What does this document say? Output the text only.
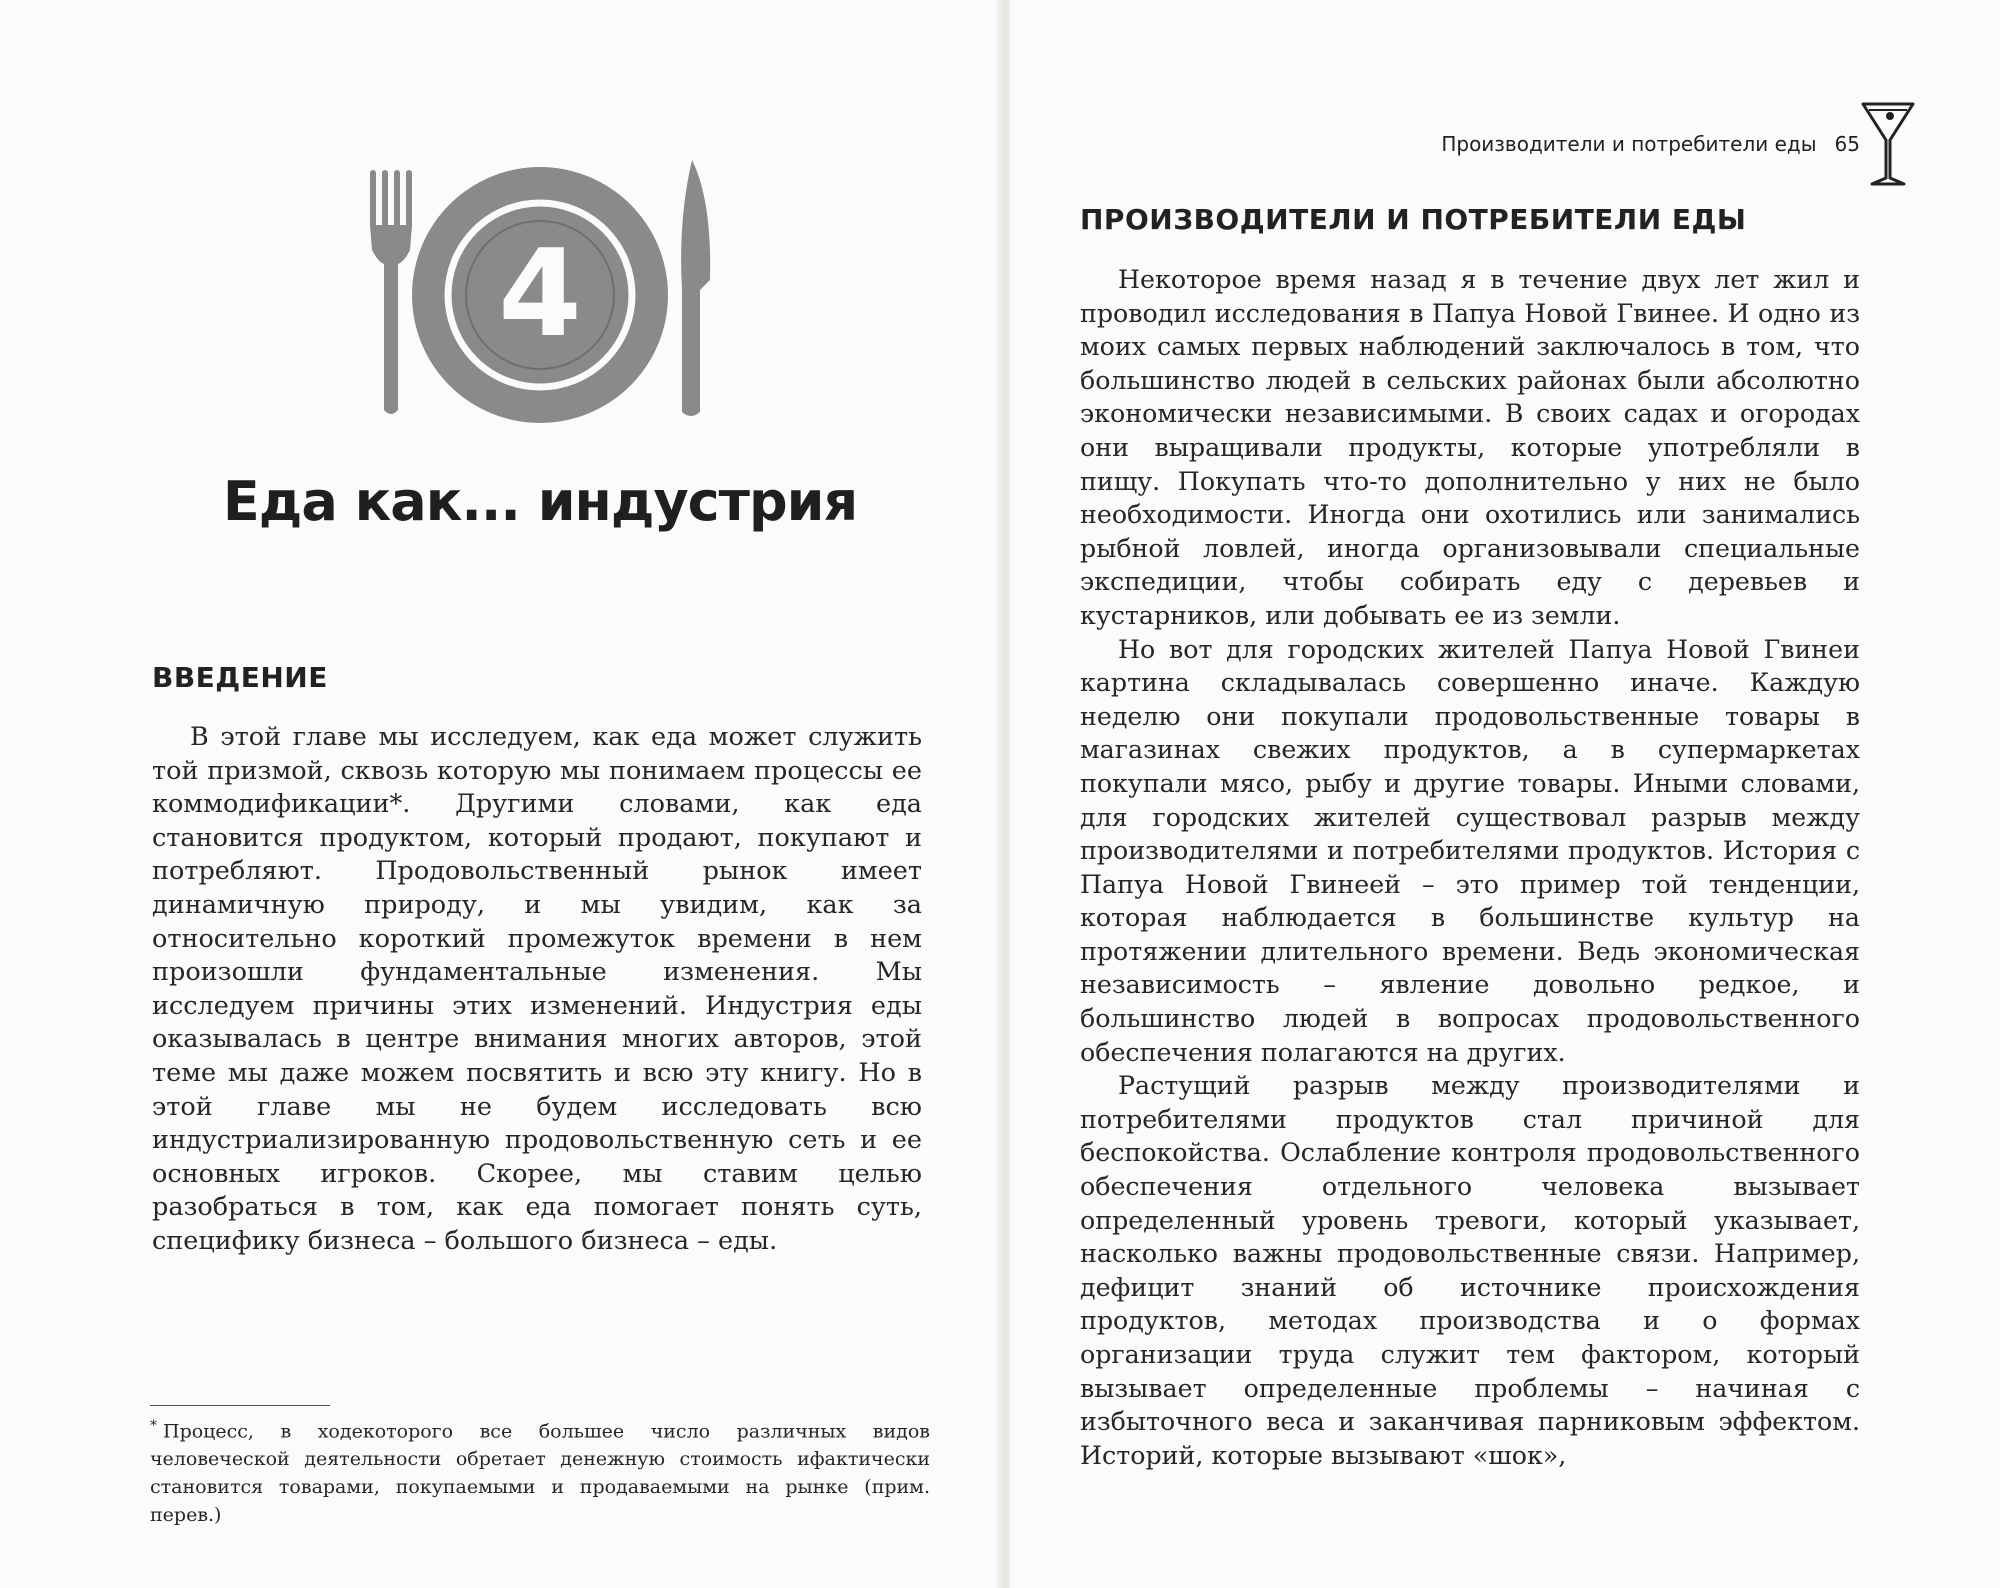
4
Еда как... индустрия
ВВЕДЕНИЕ

В этой главе мы исследуем, как еда может служить той призмой, сквозь которую мы понимаем процессы ее коммодификации*. Другими словами, как еда становится продуктом, который продают, покупают и потребляют. Продовольственный рынок имеет динамичную природу, и мы увидим, как за относительно короткий промежуток времени в нем произошли фундаментальные изменения. Мы исследуем причины этих изменений. Индустрия еды оказывалась в центре внимания многих авторов, этой теме мы даже можем посвятить и всю эту книгу. Но в этой главе мы не будем исследовать всю индустриализированную продовольственную сеть и ее основных игроков. Скорее, мы ставим целью разобраться в том, как еда помогает понять суть, специфику бизнеса – большого бизнеса – еды.

* Процесс, в ходекоторого все большее число различных видов человеческой деятельности обретает денежную стоимость ифактически становится товарами, покупаемыми и продаваемыми на рынке (прим. перев.)

Производители и потребители еды 65
ПРОИЗВОДИТЕЛИ И ПОТРЕБИТЕЛИ ЕДЫ

Некоторое время назад я в течение двух лет жил и проводил исследования в Папуа Новой Гвинее. И одно из моих самых первых наблюдений заключалось в том, что большинство людей в сельских районах были абсолютно экономически независимыми. В своих садах и огородах они выращивали продукты, которые употребляли в пищу. Покупать что-то дополнительно у них не было необходимости. Иногда они охотились или занимались рыбной ловлей, иногда организовывали специальные экспедиции, чтобы собирать еду с деревьев и кустарников, или добывать ее из земли.

Но вот для городских жителей Папуа Новой Гвинеи картина складывалась совершенно иначе. Каждую неделю они покупали продовольственные товары в магазинах свежих продуктов, а в супермаркетах покупали мясо, рыбу и другие товары. Иными словами, для городских жителей существовал разрыв между производителями и потребителями продуктов. История с Папуа Новой Гвинеей – это пример той тенденции, которая наблюдается в большинстве культур на протяжении длительного времени. Ведь экономическая независимость – явление довольно редкое, и большинство людей в вопросах продовольственного обеспечения полагаются на других.

Растущий разрыв между производителями и потребителями продуктов стал причиной для беспокойства. Ослабление контроля продовольственного обеспечения отдельного человека вызывает определенный уровень тревоги, который указывает, насколько важны продовольственные связи. Например, дефицит знаний об источнике происхождения продуктов, методах производства и о формах организации труда служит тем фактором, который вызывает определенные проблемы – начиная с избыточного веса и заканчивая парниковым эффектом. Историй, которые вызывают «шок»,
